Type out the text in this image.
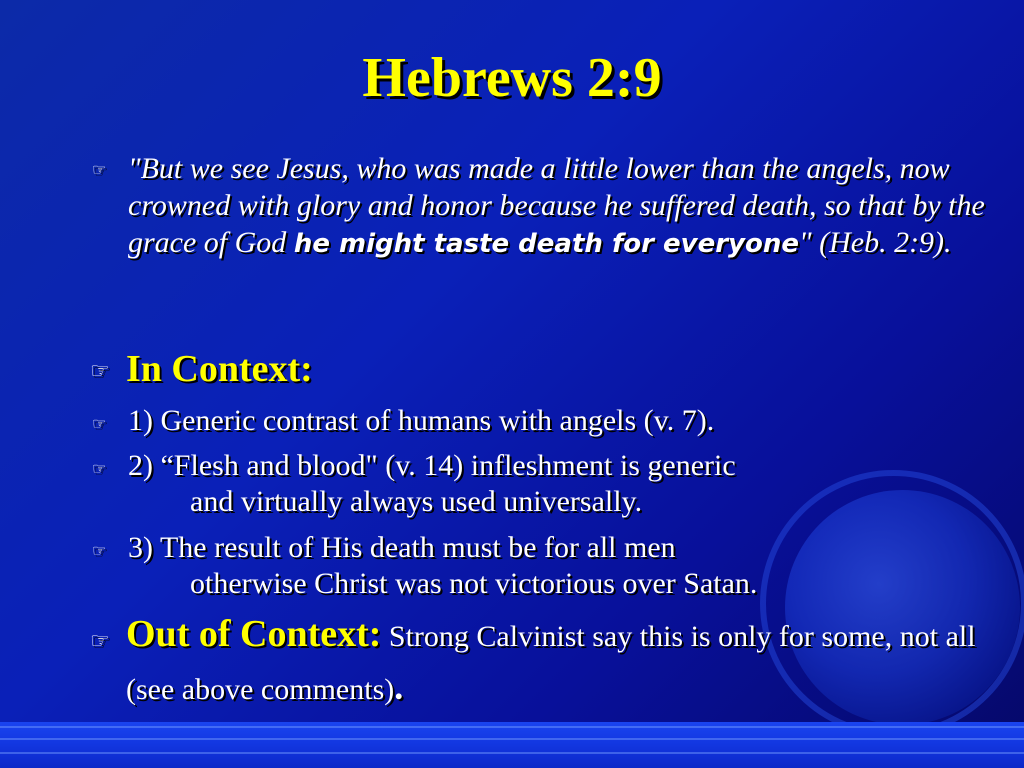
Hebrews 2:9
☞ "But we see Jesus, who was made a little lower than the angels, now crowned with glory and honor because he suffered death, so that by the grace of God he might taste death for everyone" (Heb. 2:9).
☞ In Context:
☞ 1) Generic contrast of humans with angels (v. 7).
☞ 2) “Flesh and blood" (v. 14) infleshment is generic
and virtually always used universally.
☞ 3) The result of His death must be for all men
otherwise Christ was not victorious over Satan.
☞ Out of Context: Strong Calvinist say this is only for some, not all (see above comments).
